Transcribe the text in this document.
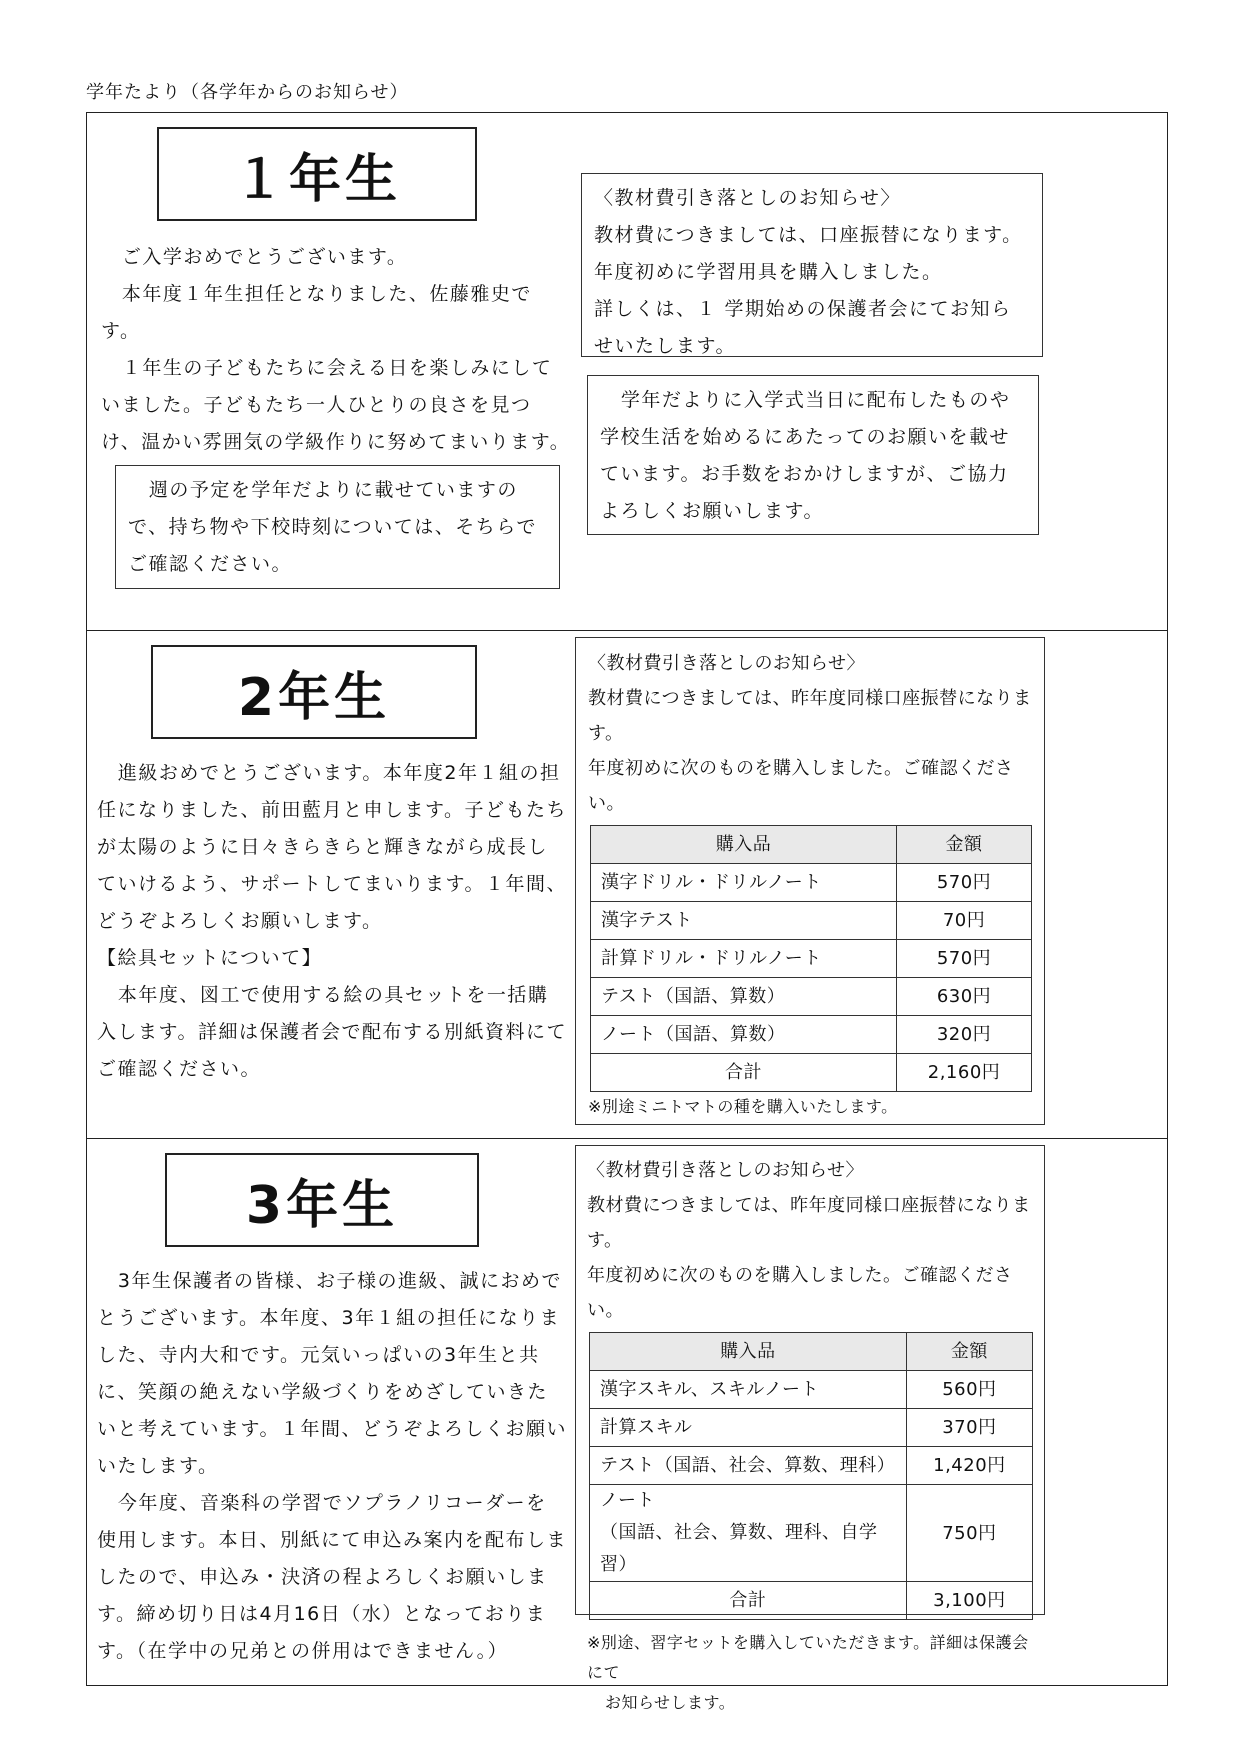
学年たより（各学年からのお知らせ）
１年生

ご入学おめでとうございます。

本年度１年生担任となりました、佐藤雅史です。

１年生の子どもたちに会える日を楽しみにしていました。子どもたち一人ひとりの良さを見つけ、温かい雰囲気の学級作りに努めてまいります。

週の予定を学年だよりに載せていますので、持ち物や下校時刻については、そちらでご確認ください。

〈教材費引き落としのお知らせ〉

教材費につきましては、口座振替になります。

年度初めに学習用具を購入しました。

詳しくは、１ 学期始めの保護者会にてお知らせいたします。

学年だよりに入学式当日に配布したものや学校生活を始めるにあたってのお願いを載せています。お手数をおかけしますが、ご協力よろしくお願いします。

2年生

進級おめでとうございます。本年度2年１組の担任になりました、前田藍月と申します。子どもたちが太陽のように日々きらきらと輝きながら成長していけるよう、サポートしてまいります。１年間、どうぞよろしくお願いします。

【絵具セットについて】

本年度、図工で使用する絵の具セットを一括購入します。詳細は保護者会で配布する別紙資料にてご確認ください。

〈教材費引き落としのお知らせ〉

教材費につきましては、昨年度同様口座振替になります。

年度初めに次のものを購入しました。ご確認ください。

購入品	金額
漢字ドリル・ドリルノート	570円
漢字テスト	70円
計算ドリル・ドリルノート	570円
テスト（国語、算数）	630円
ノート（国語、算数）	320円
合計	2,160円

※別途ミニトマトの種を購入いたします。

3年生

3年生保護者の皆様、お子様の進級、誠におめでとうございます。本年度、3年１組の担任になりました、寺内大和です。元気いっぱいの3年生と共に、笑顔の絶えない学級づくりをめざしていきたいと考えています。１年間、どうぞよろしくお願いいたします。

今年度、音楽科の学習でソプラノリコーダーを使用します。本日、別紙にて申込み案内を配布しましたので、申込み・決済の程よろしくお願いします。締め切り日は4月16日（水）となっております。（在学中の兄弟との併用はできません。）

〈教材費引き落としのお知らせ〉

教材費につきましては、昨年度同様口座振替になります。

年度初めに次のものを購入しました。ご確認ください。

購入品	金額
漢字スキル、スキルノート	560円
計算スキル	370円
テスト（国語、社会、算数、理科）	1,420円

ノート
（国語、社会、算数、理科、自学習）	750円
合計	3,100円

※別途、習字セットを購入していただきます。詳細は保護会にて

お知らせします。
